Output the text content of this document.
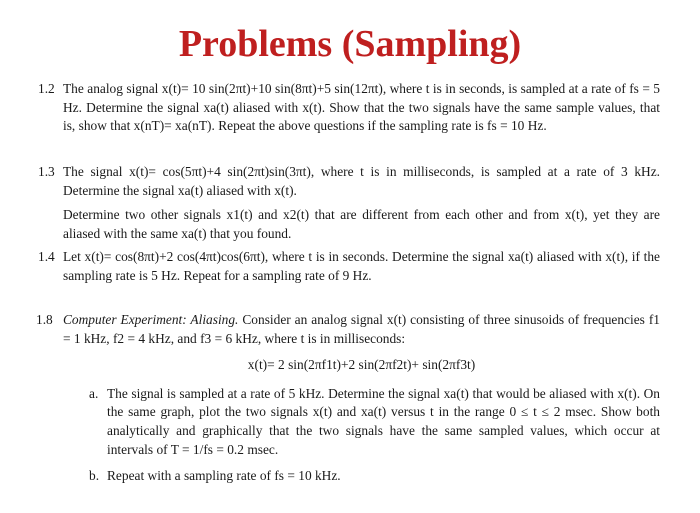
Problems (Sampling)
1.2 The analog signal x(t)= 10 sin(2πt)+10 sin(8πt)+5 sin(12πt), where t is in seconds, is sampled at a rate of fs = 5 Hz. Determine the signal xa(t) aliased with x(t). Show that the two signals have the same sample values, that is, show that x(nT)= xa(nT). Repeat the above questions if the sampling rate is fs = 10 Hz.

1.3 The signal x(t)= cos(5πt)+4 sin(2πt)sin(3πt), where t is in milliseconds, is sampled at a rate of 3 kHz. Determine the signal xa(t) aliased with x(t).

Determine two other signals x1(t) and x2(t) that are different from each other and from x(t), yet they are aliased with the same xa(t) that you found.

1.4 Let x(t)= cos(8πt)+2 cos(4πt)cos(6πt), where t is in seconds. Determine the signal xa(t) aliased with x(t), if the sampling rate is 5 Hz. Repeat for a sampling rate of 9 Hz.

1.8 Computer Experiment: Aliasing. Consider an analog signal x(t) consisting of three sinusoids of frequencies f1 = 1 kHz, f2 = 4 kHz, and f3 = 6 kHz, where t is in milliseconds:

x(t)= 2 sin(2πf1t)+2 sin(2πf2t)+ sin(2πf3t)
a. The signal is sampled at a rate of 5 kHz. Determine the signal xa(t) that would be aliased with x(t). On the same graph, plot the two signals x(t) and xa(t) versus t in the range 0 ≤ t ≤ 2 msec. Show both analytically and graphically that the two signals have the same sampled values, which occur at intervals of T = 1/fs = 0.2 msec.
b. Repeat with a sampling rate of fs = 10 kHz.
